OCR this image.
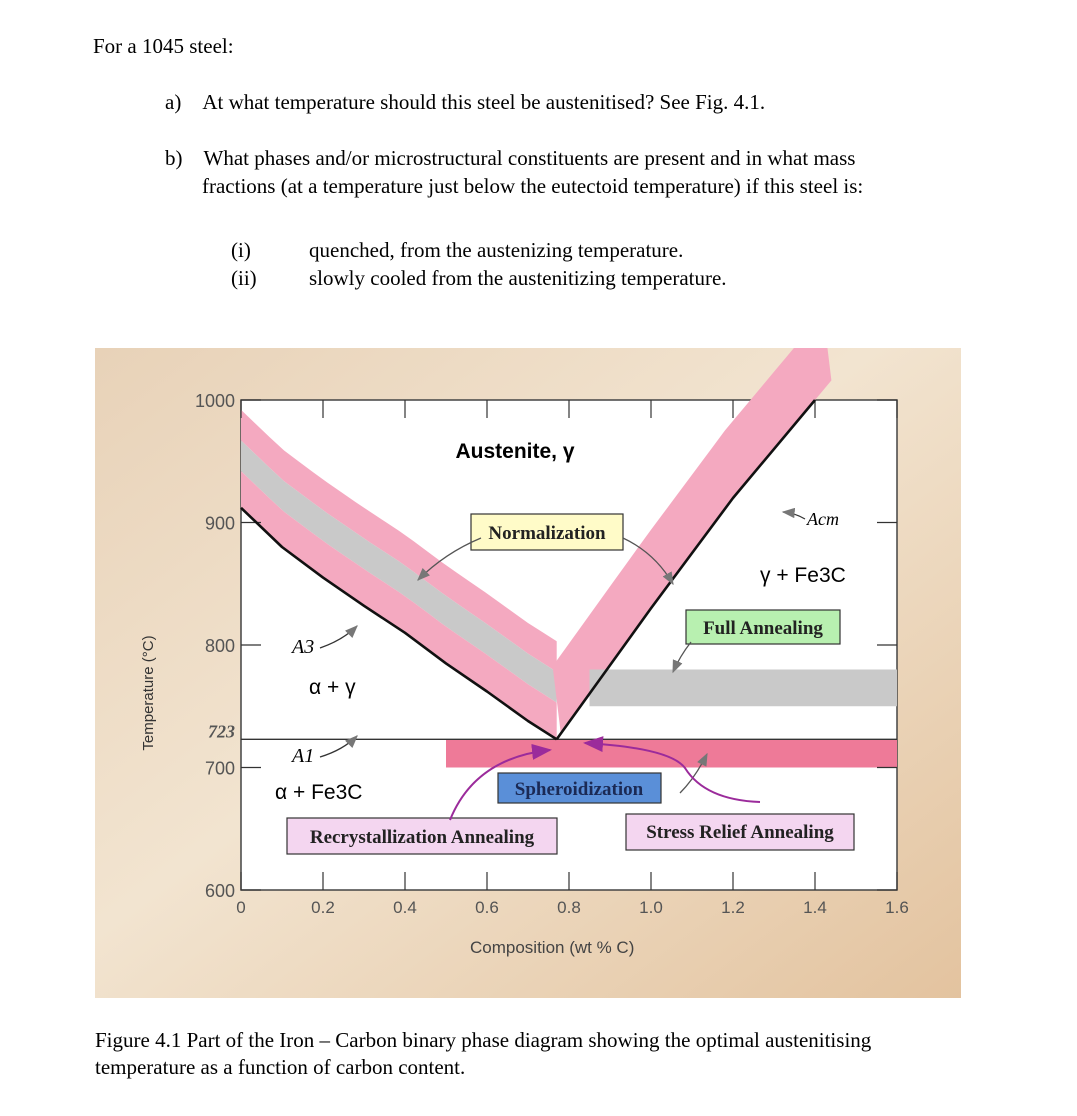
For a 1045 steel:
a) At what temperature should this steel be austenitised? See Fig. 4.1.
b) What phases and/or microstructural constituents are present and in what mass
fractions (at a temperature just below the eutectoid temperature) if this steel is:
(i)	quenched, from the austenizing temperature.
(ii) slowly cooled from the austenitizing temperature.
0	0.2	0.4	0.6	0.8	1.0	1.2	1.4	1.6
1000
900
800
723
700
600
Austenite, γ
α + γ
α + Fe3C
γ + Fe3C
A3
A1
Acm
Normalization
Full Annealing
Spheroidization
Recrystallization Annealing	Stress Relief Annealing
Composition (wt % C)
Temperature (°C)
Figure 4.1 Part of the Iron – Carbon binary phase diagram showing the optimal austenitising temperature as a function of carbon content.
